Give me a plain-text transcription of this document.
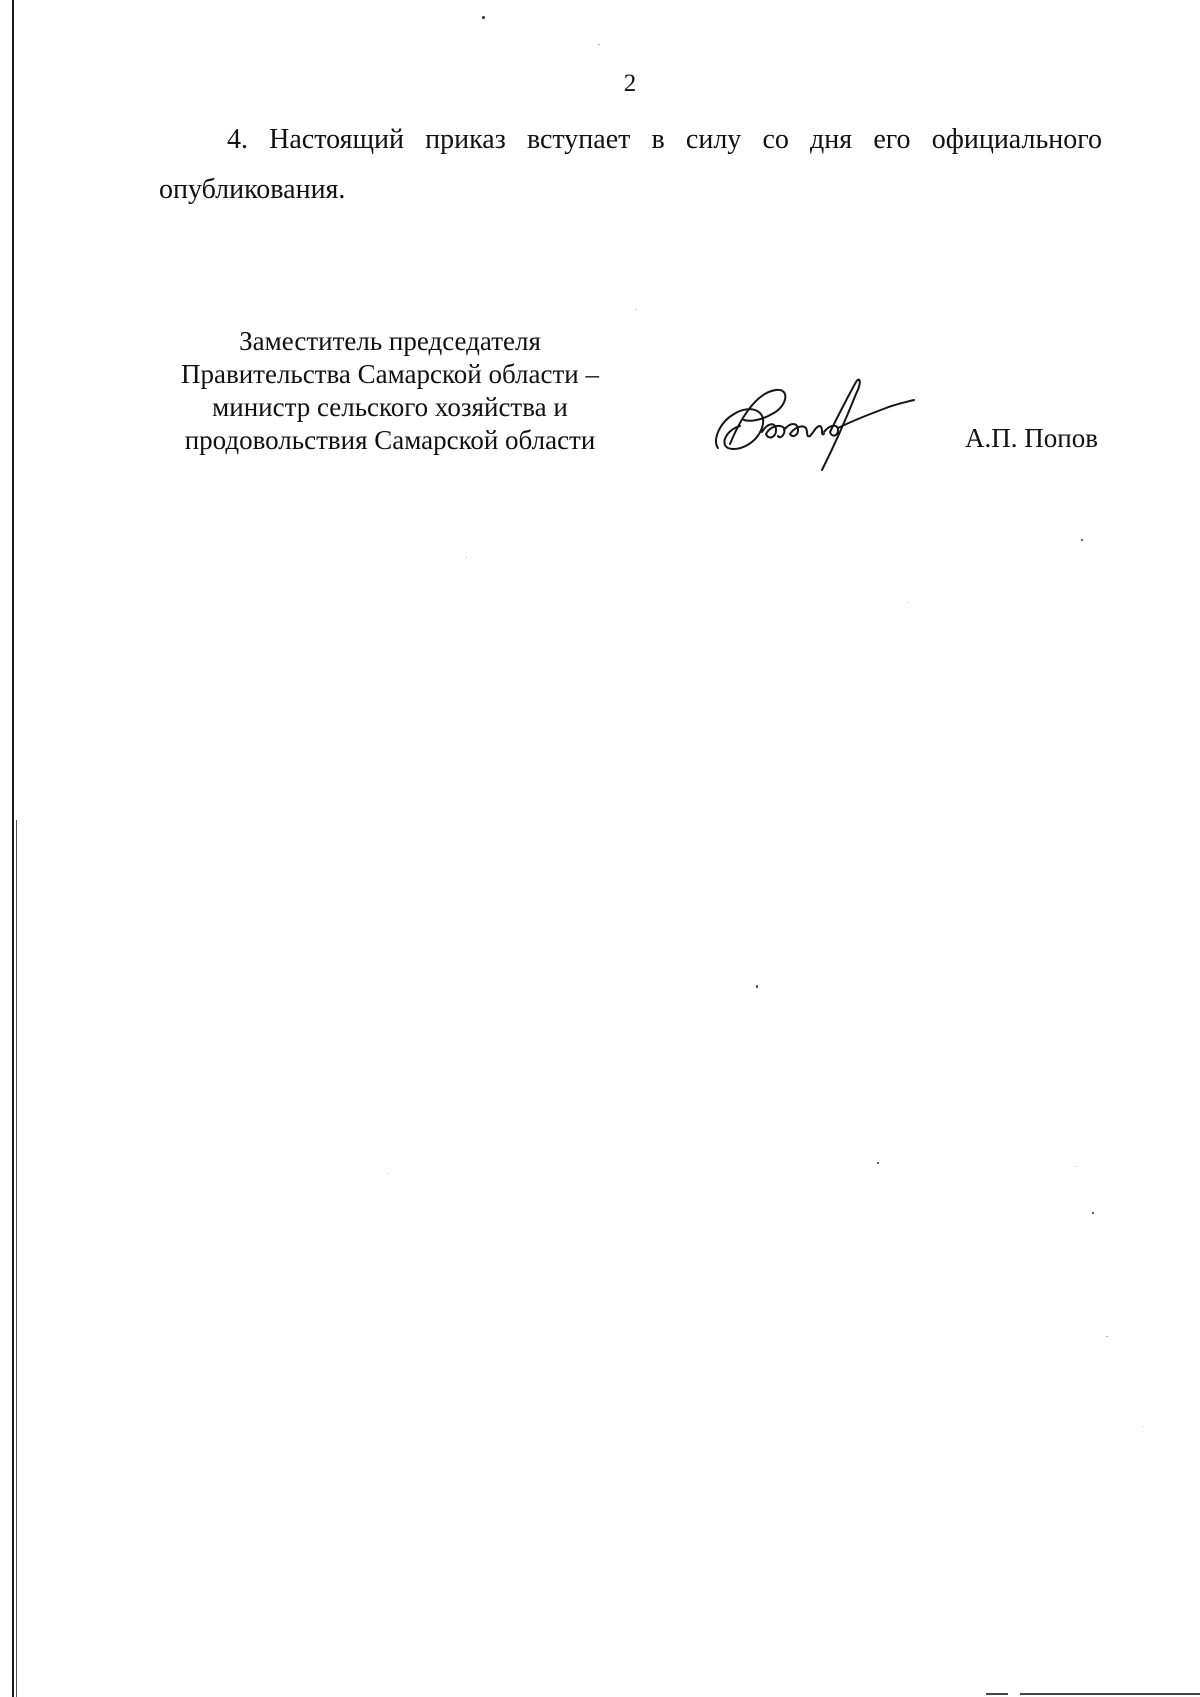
2
4. Настоящий приказ вступает в силу со дня его официального опубликования.
Заместитель председателя
Правительства Самарской области –
министр сельского хозяйства и
продовольствия Самарской области
Попов
А.П. Попов
